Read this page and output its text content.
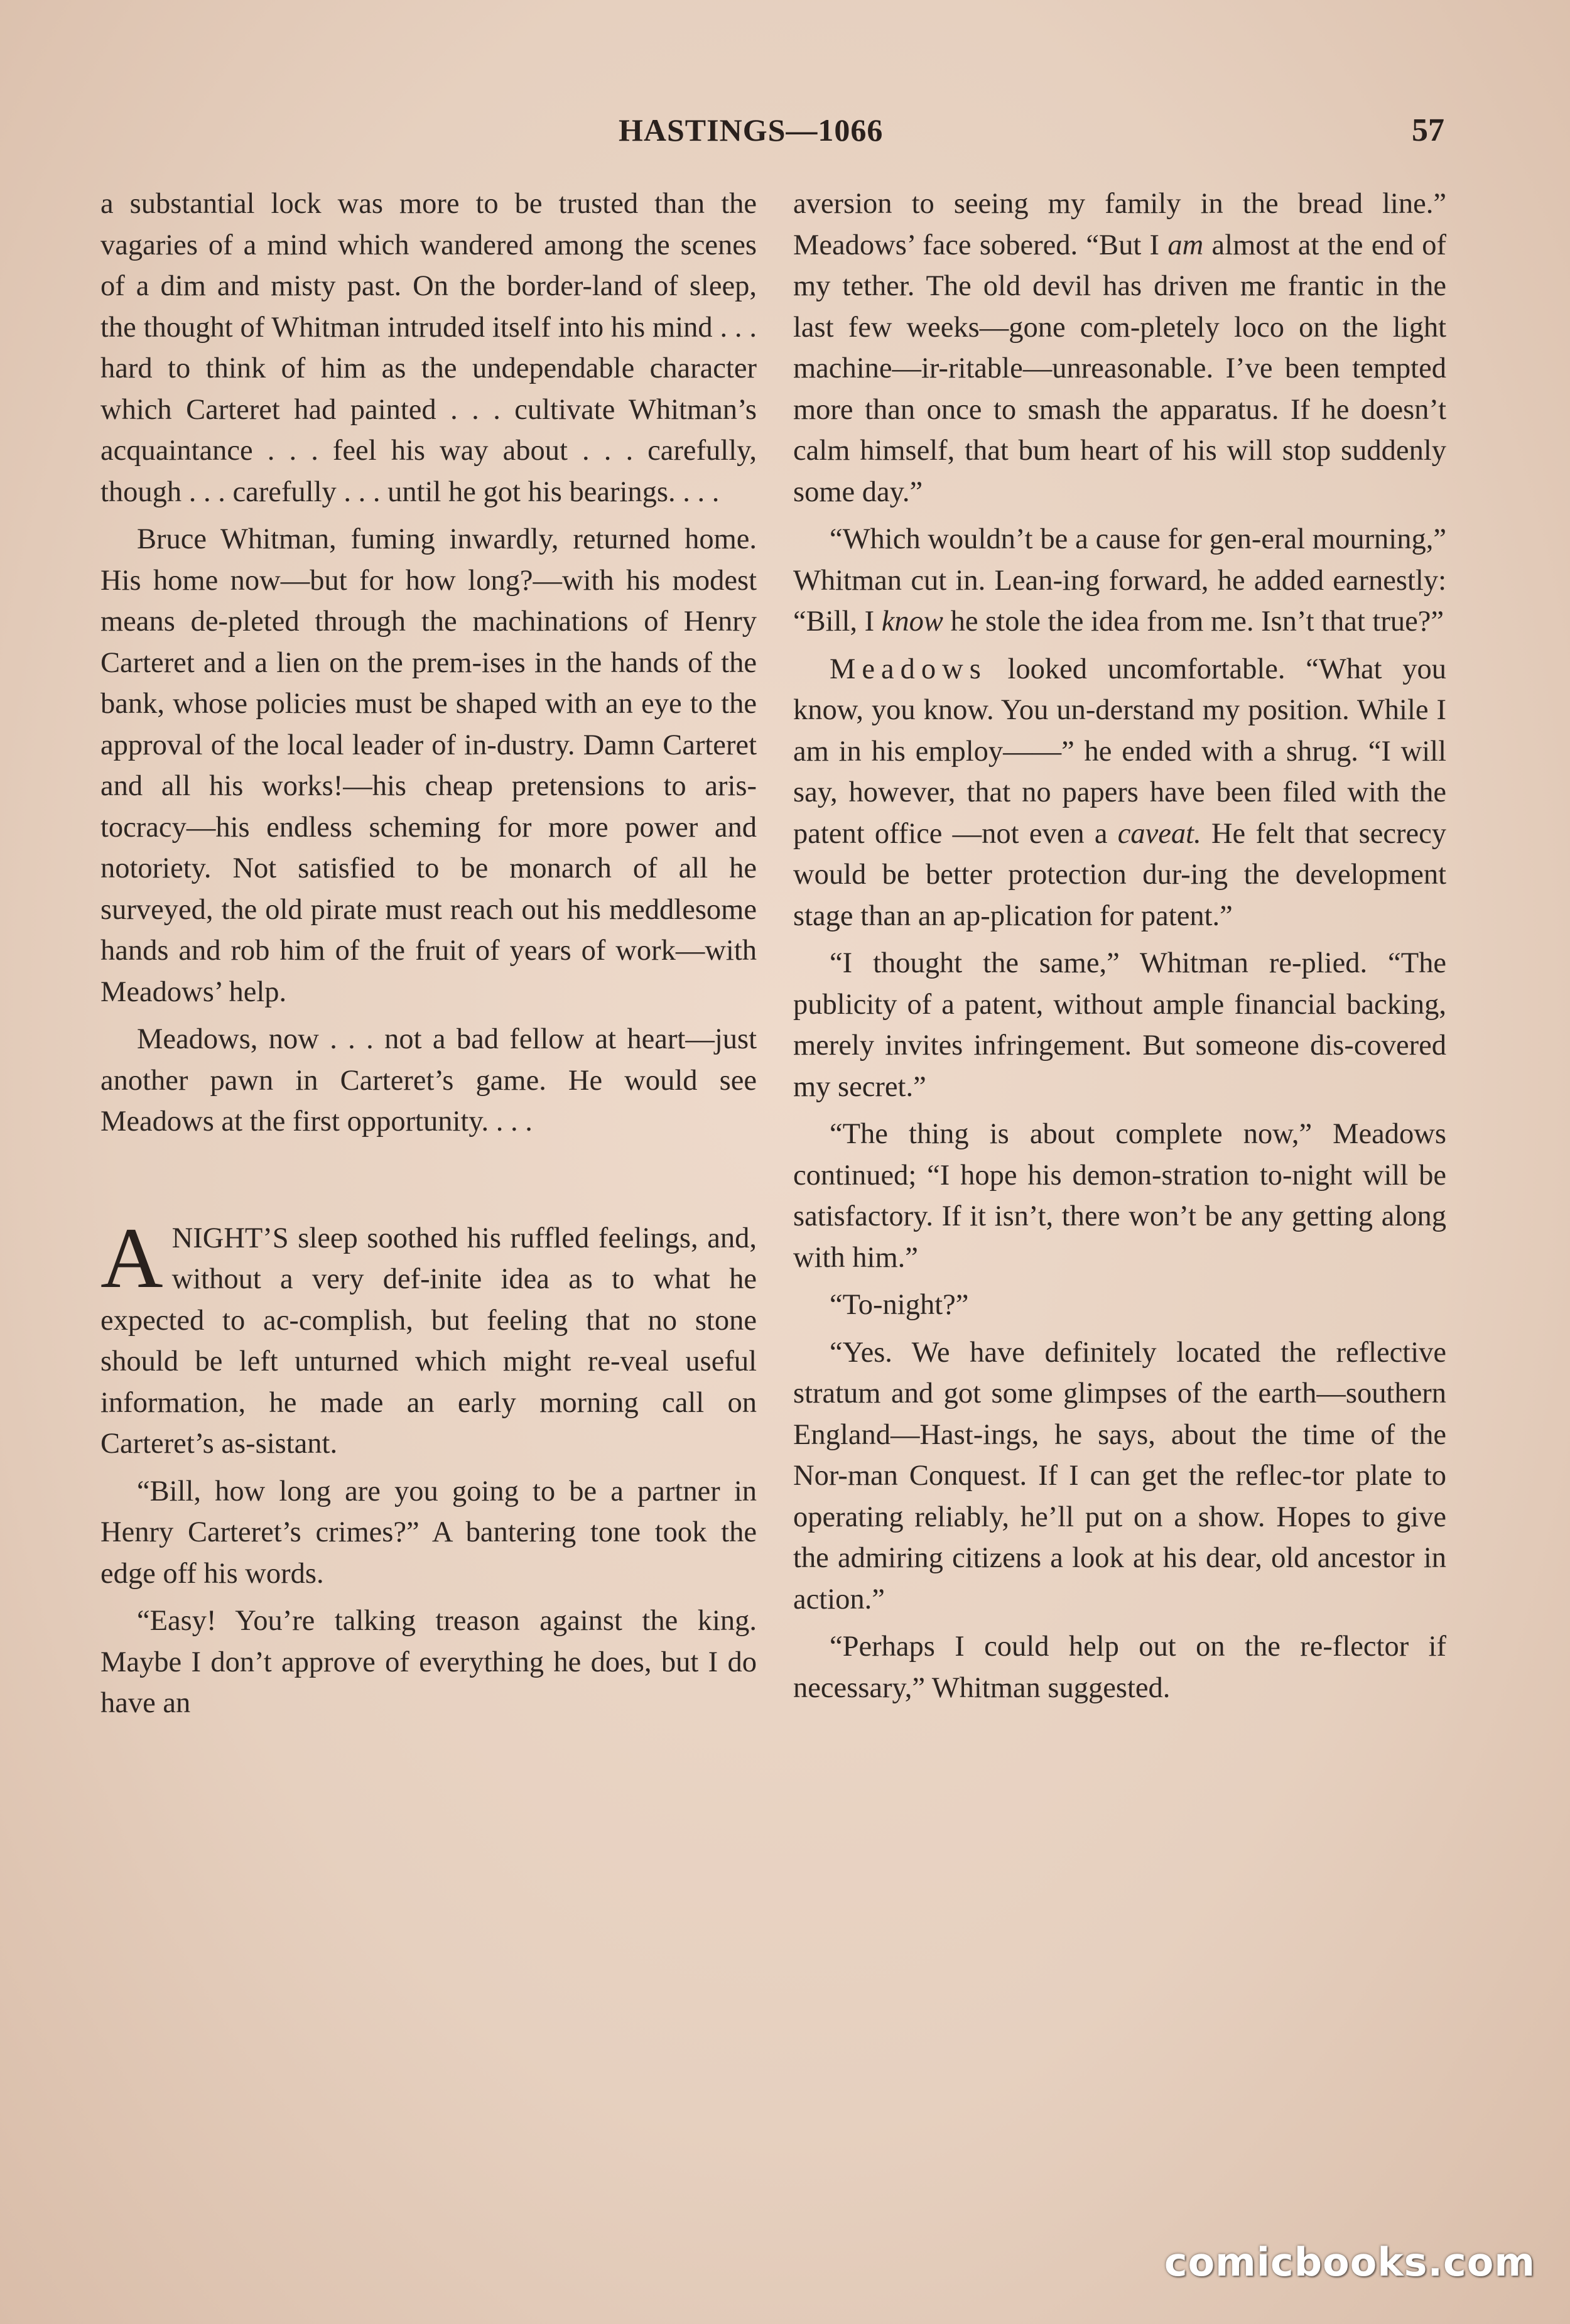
HASTINGS—1066	57

a substantial lock was more to be trusted than the vagaries of a mind which wandered among the scenes of a dim and misty past. On the border-land of sleep, the thought of Whitman intruded itself into his mind . . . hard to think of him as the undependable character which Carteret had painted . . . cultivate Whitman’s acquaintance . . . feel his way about . . . carefully, though . . . carefully . . . until he got his bearings. . . .

Bruce Whitman, fuming inwardly, returned home. His home now—but for how long?—with his modest means de-pleted through the machinations of Henry Carteret and a lien on the prem-ises in the hands of the bank, whose policies must be shaped with an eye to the approval of the local leader of in-dustry. Damn Carteret and all his works!—his cheap pretensions to aris-tocracy—his endless scheming for more power and notoriety. Not satisfied to be monarch of all he surveyed, the old pirate must reach out his meddlesome hands and rob him of the fruit of years of work—with Meadows’ help.

Meadows, now . . . not a bad fellow at heart—just another pawn in Carteret’s game. He would see Meadows at the first opportunity. . . .

ANIGHT’S sleep soothed his ruffled feelings, and, without a very def-inite idea as to what he expected to ac-complish, but feeling that no stone should be left unturned which might re-veal useful information, he made an early morning call on Carteret’s as-sistant.

“Bill, how long are you going to be a partner in Henry Carteret’s crimes?” A bantering tone took the edge off his words.

“Easy! You’re talking treason against the king. Maybe I don’t approve of everything he does, but I do have an

aversion to seeing my family in the bread line.” Meadows’ face sobered. “But I am almost at the end of my tether. The old devil has driven me frantic in the last few weeks—gone com-pletely loco on the light machine—ir-ritable—unreasonable. I’ve been tempted more than once to smash the apparatus. If he doesn’t calm himself, that bum heart of his will stop suddenly some day.”

“Which wouldn’t be a cause for gen-eral mourning,” Whitman cut in. Lean-ing forward, he added earnestly: “Bill, I know he stole the idea from me. Isn’t that true?”

Meadows looked uncomfortable. “What you know, you know. You un-derstand my position. While I am in his employ——” he ended with a shrug. “I will say, however, that no papers have been filed with the patent office —not even a caveat. He felt that secrecy would be better protection dur-ing the development stage than an ap-plication for patent.”

“I thought the same,” Whitman re-plied. “The publicity of a patent, without ample financial backing, merely invites infringement. But someone dis-covered my secret.”

“The thing is about complete now,” Meadows continued; “I hope his demon-stration to-night will be satisfactory. If it isn’t, there won’t be any getting along with him.”

“To-night?”

“Yes. We have definitely located the reflective stratum and got some glimpses of the earth—southern England—Hast-ings, he says, about the time of the Nor-man Conquest. If I can get the reflec-tor plate to operating reliably, he’ll put on a show. Hopes to give the admiring citizens a look at his dear, old ancestor in action.”

“Perhaps I could help out on the re-flector if necessary,” Whitman suggested.

comicbooks.com
